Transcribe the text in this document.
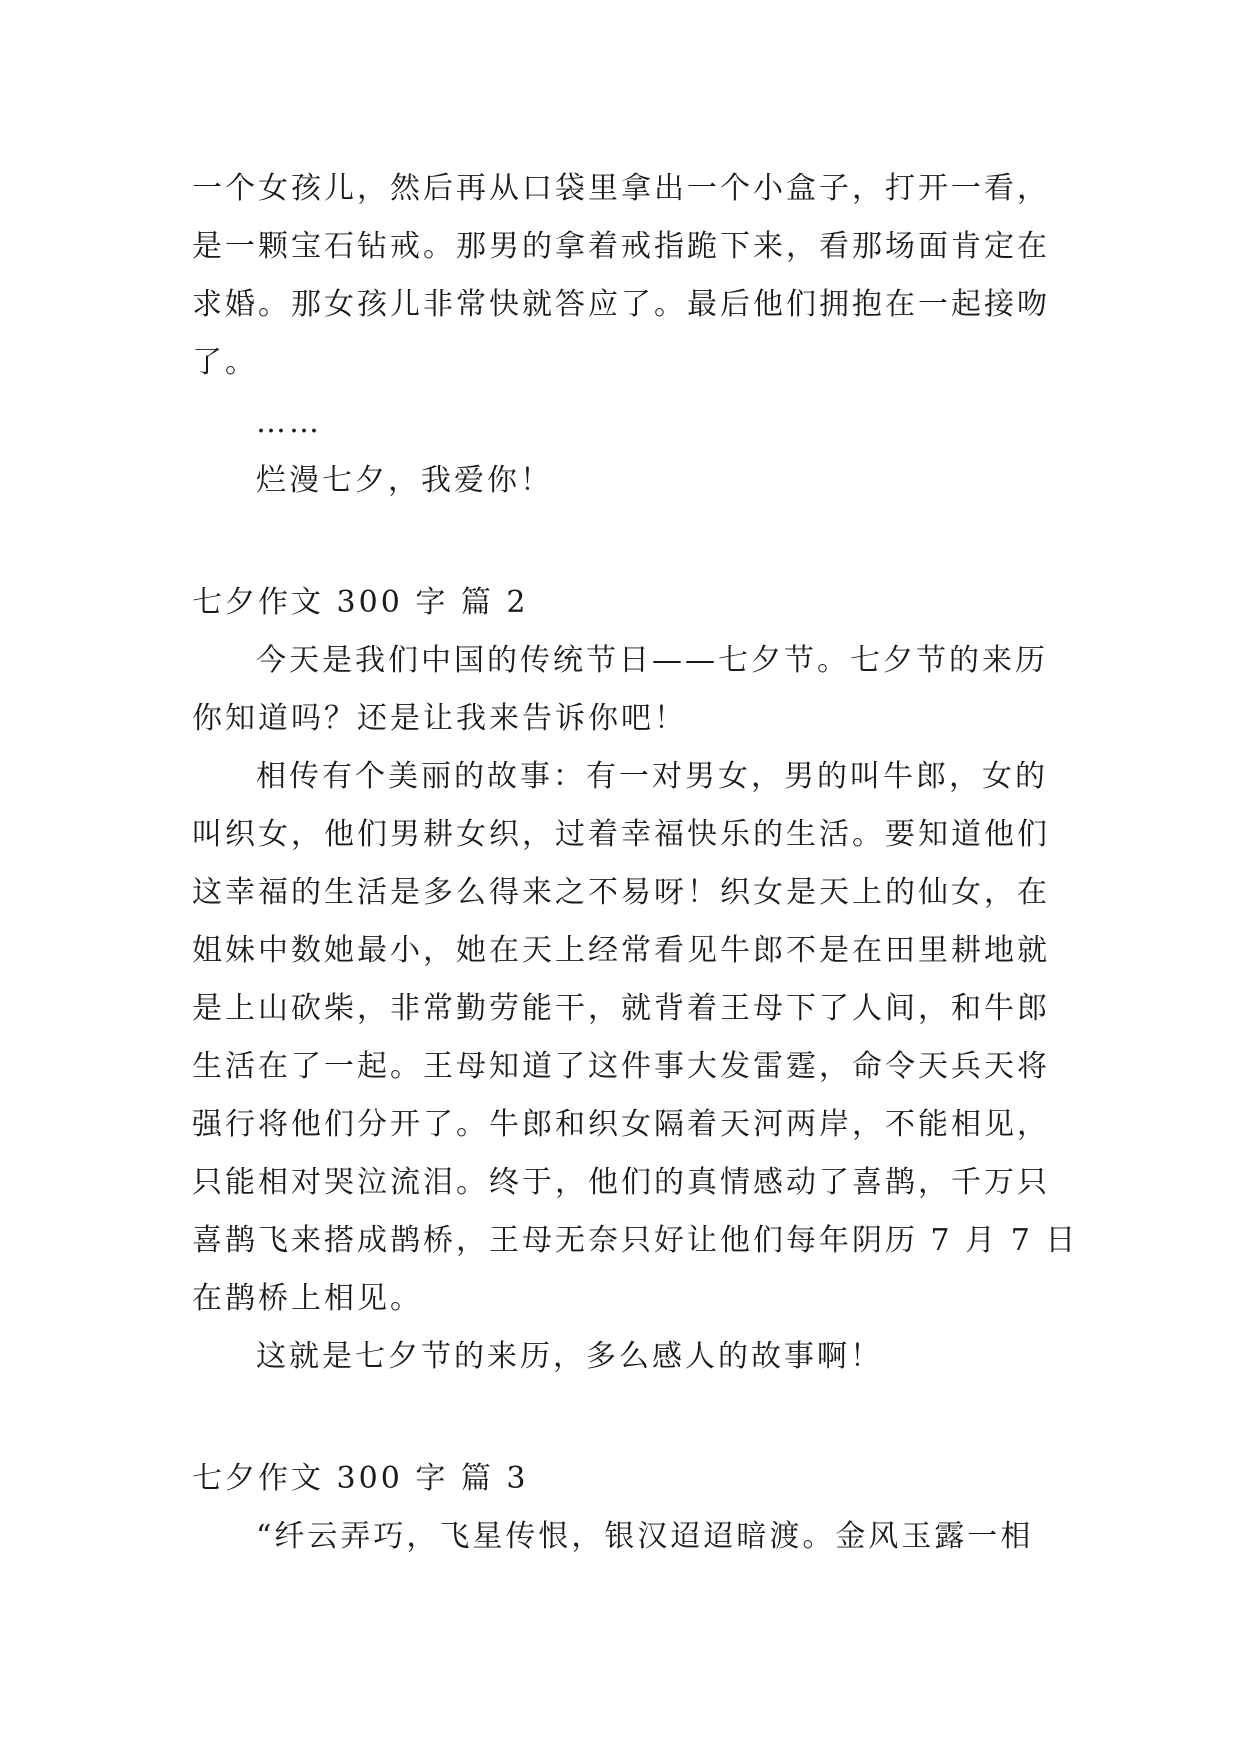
一个女孩儿，然后再从口袋里拿出一个小盒子，打开一看，
是一颗宝石钻戒。那男的拿着戒指跪下来，看那场面肯定在
求婚。那女孩儿非常快就答应了。最后他们拥抱在一起接吻
了。
……
烂漫七夕，我爱你！
七夕作文 300 字 篇 2
今天是我们中国的传统节日——七夕节。七夕节的来历
你知道吗？还是让我来告诉你吧！
相传有个美丽的故事：有一对男女，男的叫牛郎，女的
叫织女，他们男耕女织，过着幸福快乐的生活。要知道他们
这幸福的生活是多么得来之不易呀！织女是天上的仙女，在
姐妹中数她最小，她在天上经常看见牛郎不是在田里耕地就
是上山砍柴，非常勤劳能干，就背着王母下了人间，和牛郎
生活在了一起。王母知道了这件事大发雷霆，命令天兵天将
强行将他们分开了。牛郎和织女隔着天河两岸，不能相见，
只能相对哭泣流泪。终于，他们的真情感动了喜鹊，千万只
喜鹊飞来搭成鹊桥，王母无奈只好让他们每年阴历 7 月 7 日
在鹊桥上相见。
这就是七夕节的来历，多么感人的故事啊！
七夕作文 300 字 篇 3
“纤云弄巧，飞星传恨，银汉迢迢暗渡。金风玉露一相
